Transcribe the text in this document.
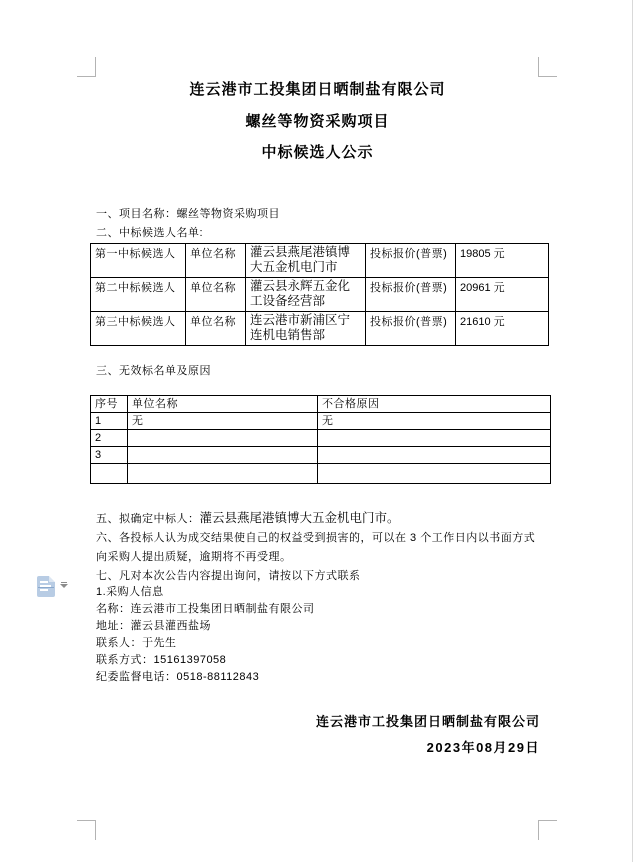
连云港市工投集团日晒制盐有限公司
螺丝等物资采购项目
中标候选人公示
一、项目名称：螺丝等物资采购项目
二、中标候选人名单:
第一中标候选人	单位名称	灌云县燕尾港镇博大五金机电门市	投标报价(普票)	19805 元
第二中标候选人	单位名称	灌云县永辉五金化工设备经营部	投标报价(普票)	20961 元
第三中标候选人	单位名称	连云港市新浦区宁连机电销售部	投标报价(普票)	21610 元
三、无效标名单及原因
序号	单位名称	不合格原因
1	无	无
2		
3		

五、拟确定中标人：灌云县燕尾港镇博大五金机电门市。
六、各投标人认为成交结果使自己的权益受到损害的，可以在 3 个工作日内以书面方式向采购人提出质疑，逾期将不再受理。
七、凡对本次公告内容提出询问，请按以下方式联系
1.采购人信息
名称：连云港市工投集团日晒制盐有限公司
地址：灌云县灌西盐场
联系人：于先生
联系方式：15161397058
纪委监督电话：0518-88112843
连云港市工投集团日晒制盐有限公司
2023年08月29日
